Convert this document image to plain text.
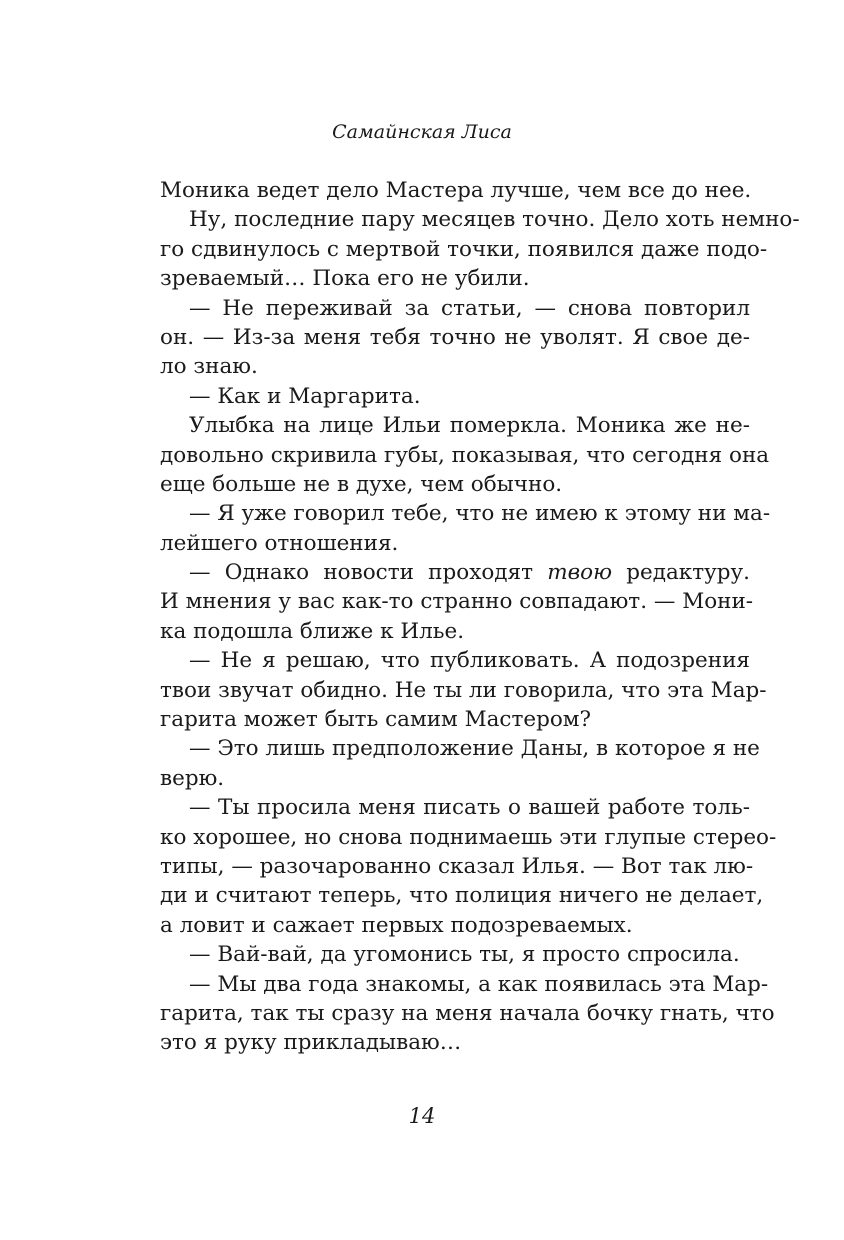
Самайнская Лиса
Моника ведет дело Мастера лучше, чем все до нее.
Ну, последние пару месяцев точно. Дело хоть немно-
го сдвинулось с мертвой точки, появился даже подо-
зреваемый… Пока его не убили.
— Не переживай за статьи, — снова повторил
он. — Из-за меня тебя точно не уволят. Я свое де-
ло знаю.
— Как и Маргарита.
Улыбка на лице Ильи померкла. Моника же не-
довольно скривила губы, показывая, что сегодня она
еще больше не в духе, чем обычно.
— Я уже говорил тебе, что не имею к этому ни ма-
лейшего отношения.
— Однако новости проходят твою редактуру.
И мнения у вас как-то странно совпадают. — Мони-
ка подошла ближе к Илье.
— Не я решаю, что публиковать. А подозрения
твои звучат обидно. Не ты ли говорила, что эта Мар-
гарита может быть самим Мастером?
— Это лишь предположение Даны, в которое я не
верю.
— Ты просила меня писать о вашей работе толь-
ко хорошее, но снова поднимаешь эти глупые стерео-
типы, — разочарованно сказал Илья. — Вот так лю-
ди и считают теперь, что полиция ничего не делает,
а ловит и сажает первых подозреваемых.
— Вай-вай, да угомонись ты, я просто спросила.
— Мы два года знакомы, а как появилась эта Мар-
гарита, так ты сразу на меня начала бочку гнать, что
это я руку прикладываю…
14
